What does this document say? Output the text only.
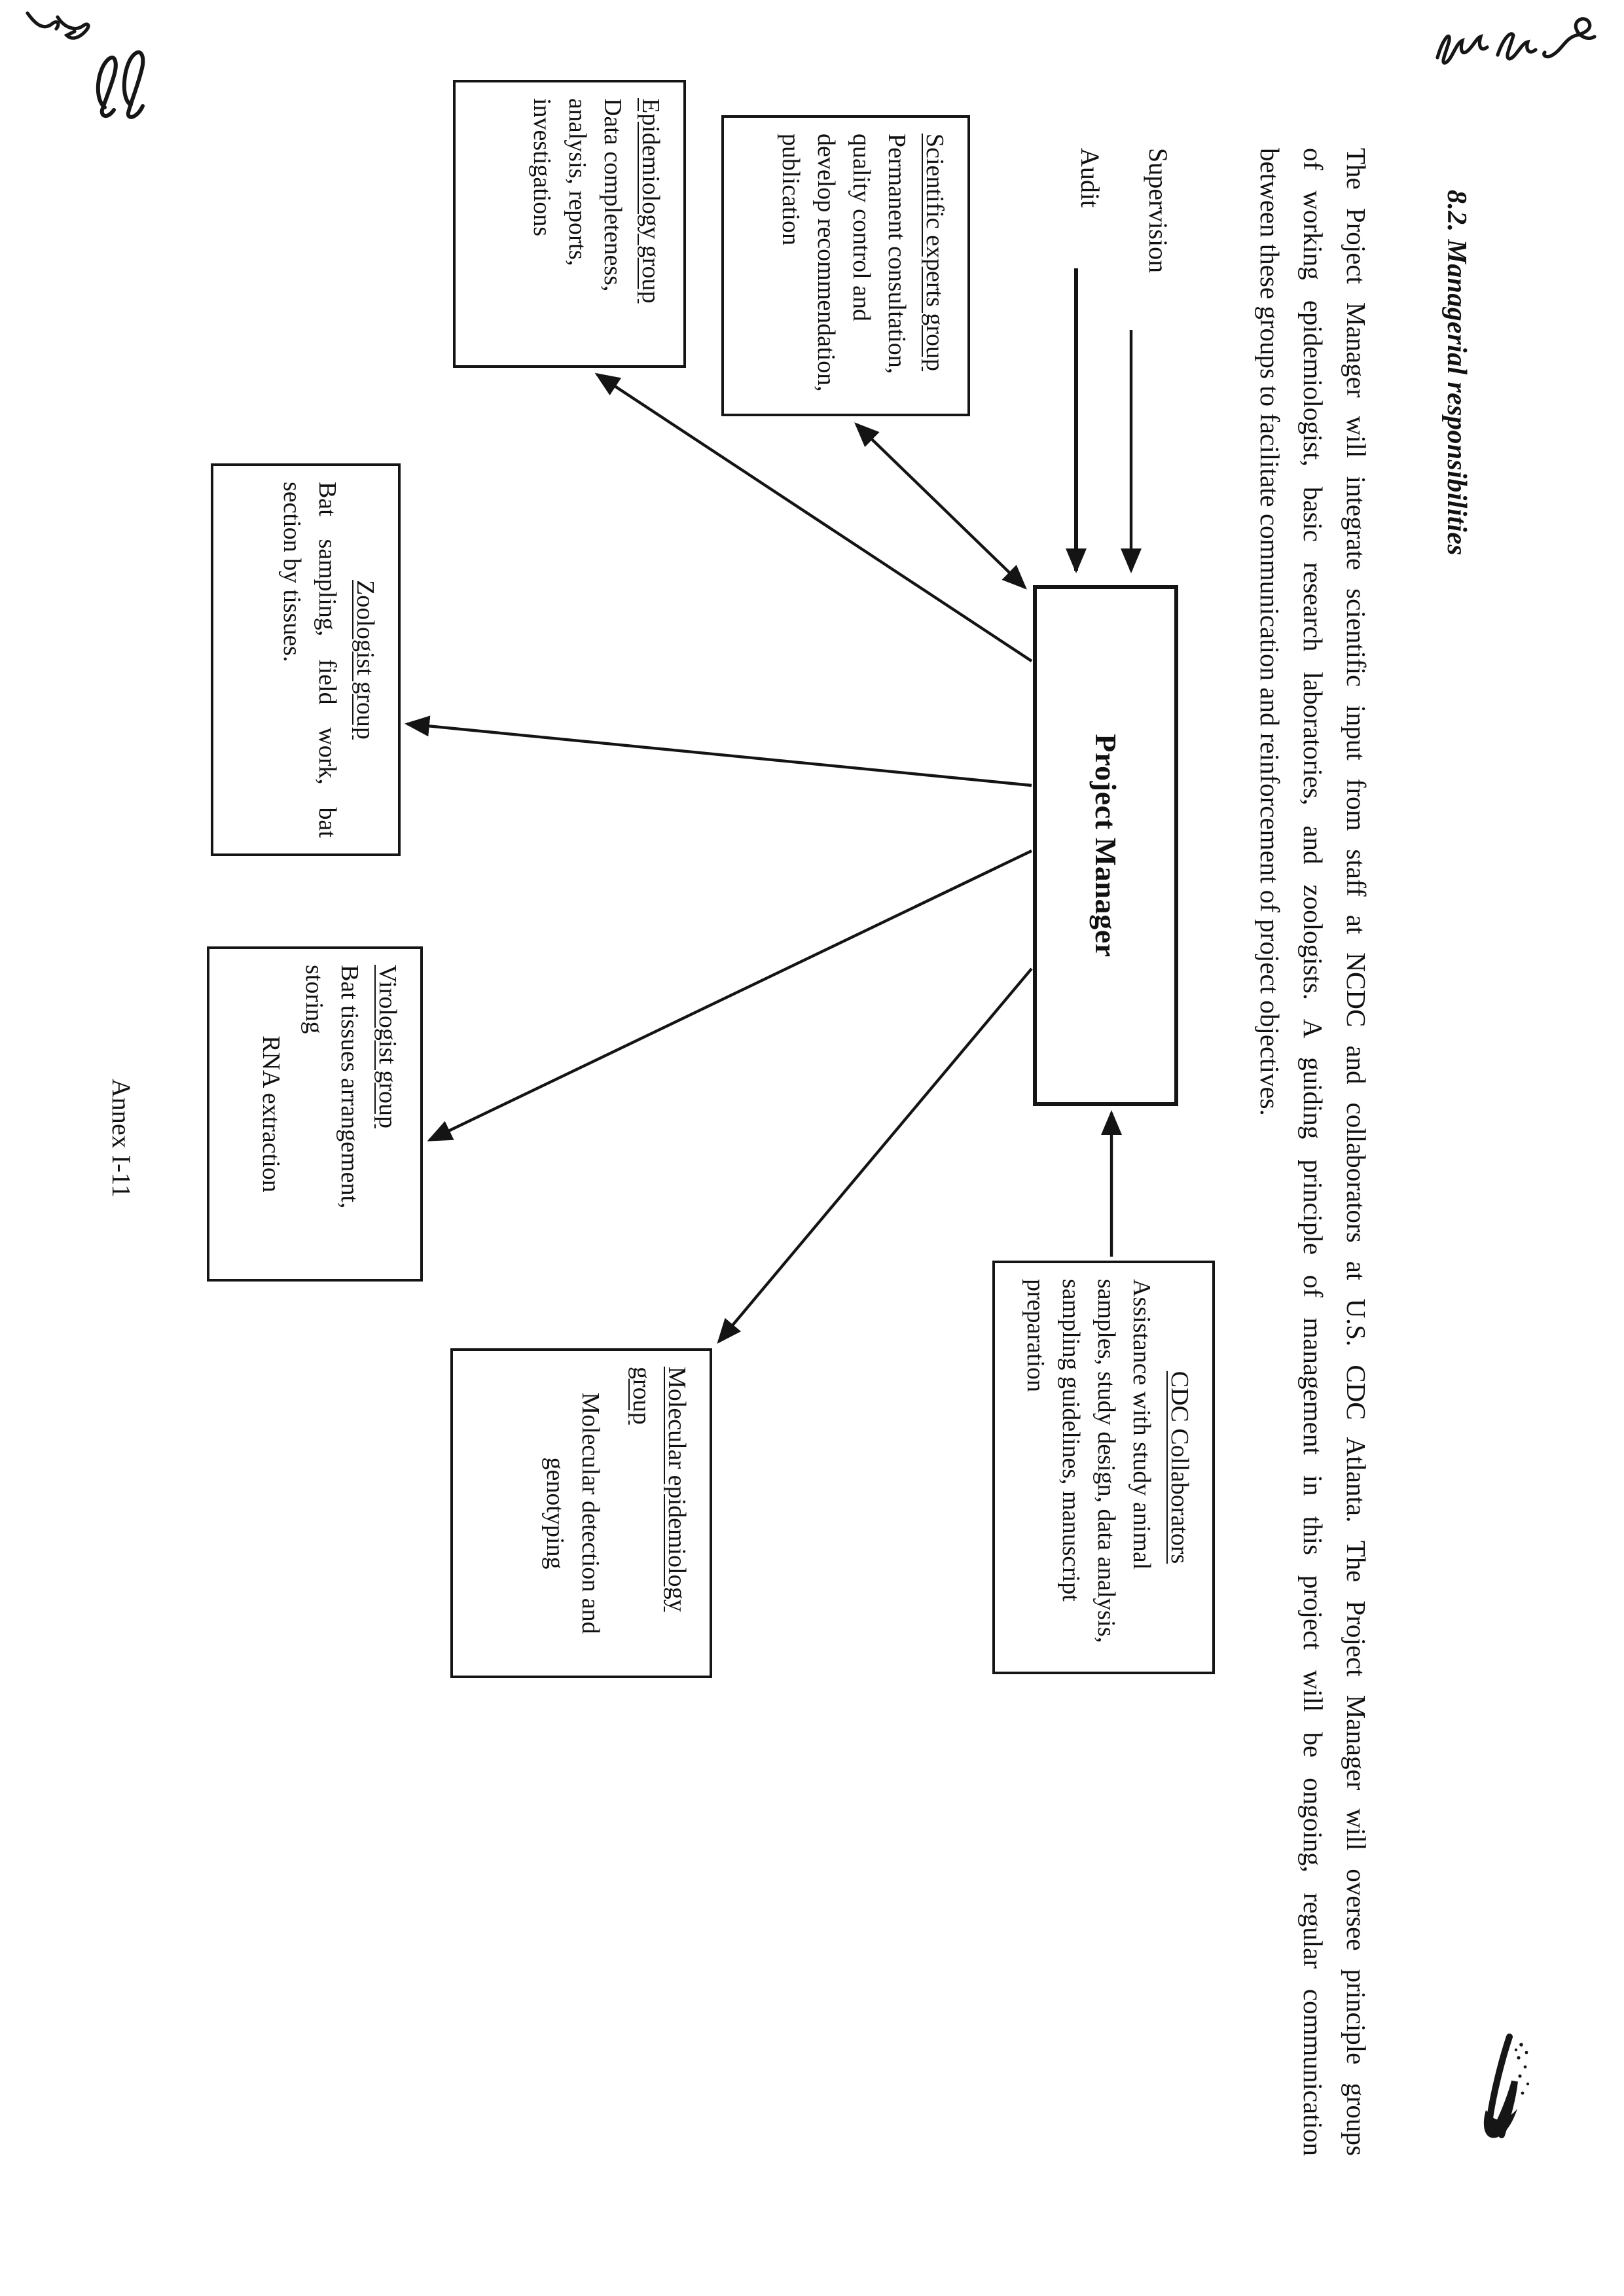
8.2. Managerial responsibilities
The Project Manager will integrate scientific input from staff at NCDC and collaborators at U.S. CDC Atlanta. The Project Manager will oversee principle groups
of working epidemiologist, basic research laboratories, and zoologists. A guiding principle of management in this project will be ongoing, regular communication
between these groups to facilitate communication and reinforcement of project objectives.
Supervision
Audit
Project Manager
Scientific experts group
Permanent consultation, quality control and develop recommendation, publication
Epidemiology group
Data completeness, analysis, reports, investigations
Zoologist group
Bat sampling, field work, bat section by tissues.
Virologist group
Bat tissues arrangement, storing
RNA extraction
Molecular epidemiology group
Molecular detection and genotyping	CDC Collaborators
Assistance with study animal samples, study design, data analysis, sampling guidelines, manuscript preparation
Annex I-11
